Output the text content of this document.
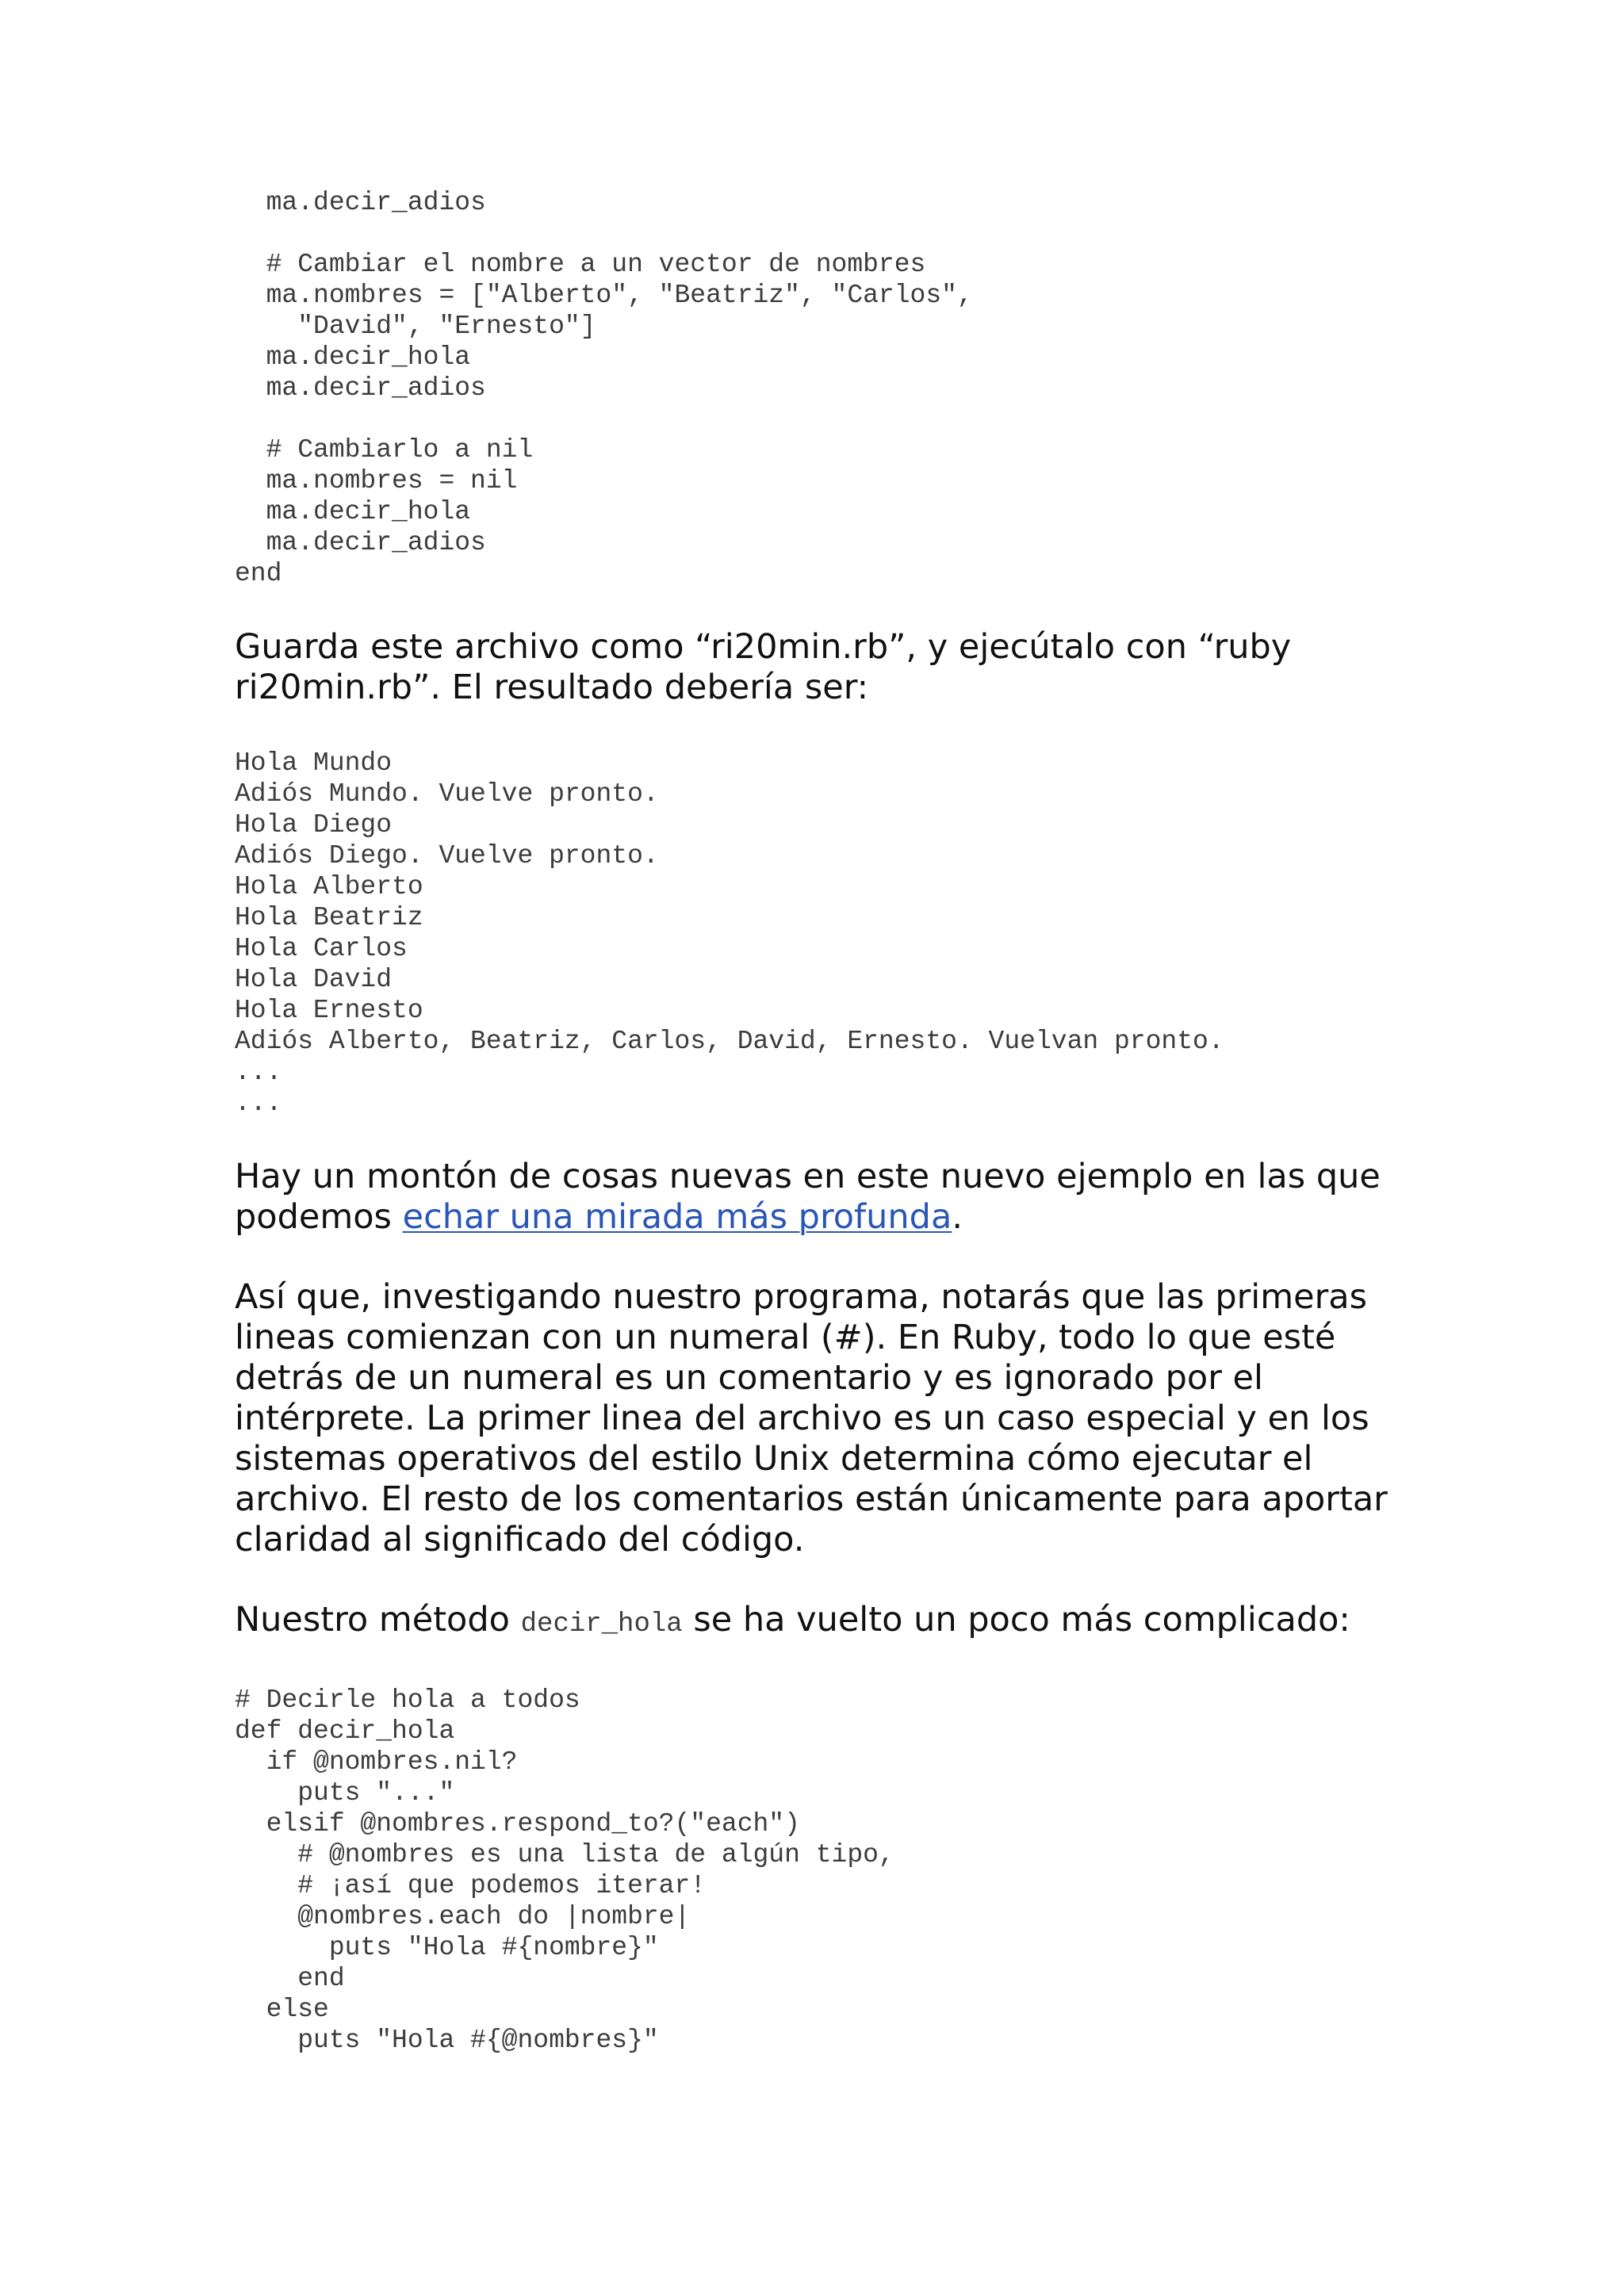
ma.decir_adios
# Cambiar el nombre a un vector de nombres
ma.nombres = ["Alberto", "Beatriz", "Carlos",
"David", "Ernesto"]
ma.decir_hola
ma.decir_adios
# Cambiarlo a nil
ma.nombres = nil
ma.decir_hola
ma.decir_adios
end

Guarda este archivo como “ri20min.rb”, y ejecútalo con “ruby ri20min.rb”. El resultado debería ser:

Hola Mundo
Adiós Mundo. Vuelve pronto.
Hola Diego
Adiós Diego. Vuelve pronto.
Hola Alberto
Hola Beatriz
Hola Carlos
Hola David
Hola Ernesto
Adiós Alberto, Beatriz, Carlos, David, Ernesto. Vuelvan pronto.
...
...

Hay un montón de cosas nuevas en este nuevo ejemplo en las que podemos echar una mirada más profunda.

Así que, investigando nuestro programa, notarás que las primeras lineas comienzan con un numeral (#). En Ruby, todo lo que esté detrás de un numeral es un comentario y es ignorado por el intérprete. La primer linea del archivo es un caso especial y en los sistemas operativos del estilo Unix determina cómo ejecutar el archivo. El resto de los comentarios están únicamente para aportar claridad al significado del código.

Nuestro método decir_hola se ha vuelto un poco más complicado:

# Decirle hola a todos
def decir_hola
if @nombres.nil?
puts "..."
elsif @nombres.respond_to?("each")
# @nombres es una lista de algún tipo,
# ¡así que podemos iterar!
@nombres.each do |nombre|
puts "Hola #{nombre}"
end
else
puts "Hola #{@nombres}"
